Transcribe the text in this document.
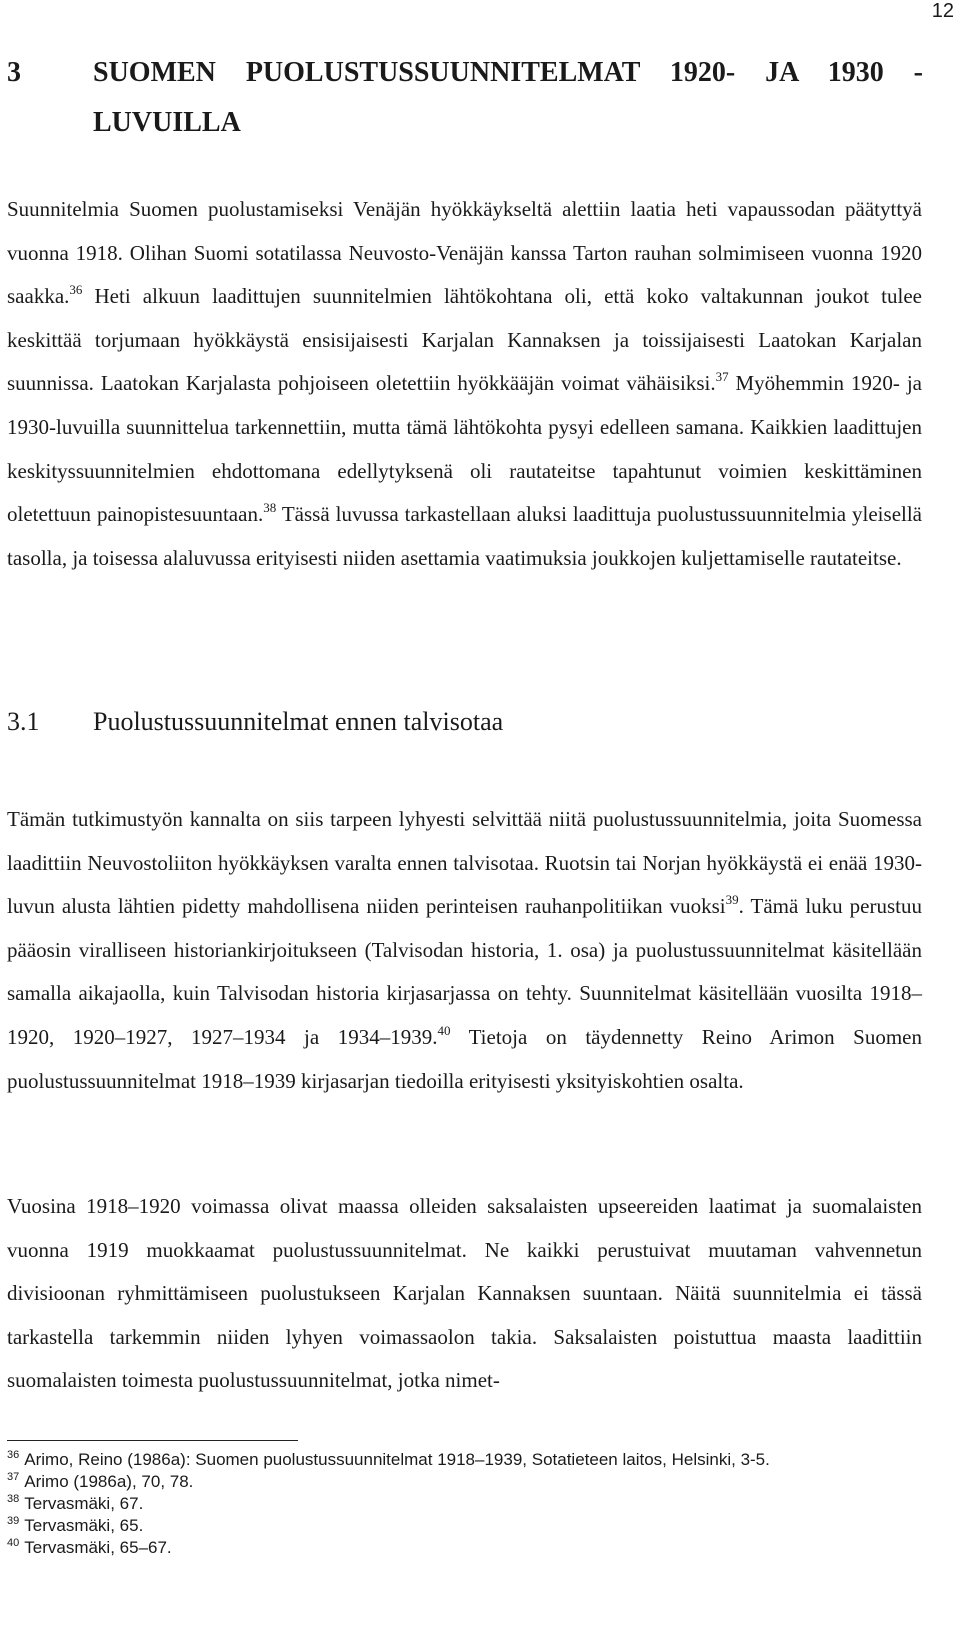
12
3	SUOMEN PUOLUSTUSSUUNNITELMAT 1920- JA 1930 -
LUVUILLA

Suunnitelmia Suomen puolustamiseksi Venäjän hyökkäykseltä alettiin laatia heti vapaussodan päätyttyä vuonna 1918. Olihan Suomi sotatilassa Neuvosto-Venäjän kanssa Tarton rauhan solmimiseen vuonna 1920 saakka.$^{36}$ Heti alkuun laadittujen suunnitelmien lähtökohtana oli, että koko valtakunnan joukot tulee keskittää torjumaan hyökkäystä ensisijaisesti Karjalan Kannaksen ja toissijaisesti Laatokan Karjalan suunnissa. Laatokan Karjalasta pohjoiseen oletettiin hyökkääjän voimat vähäisiksi.$^{37}$ Myöhemmin 1920- ja 1930-luvuilla suunnittelua tarkennettiin, mutta tämä lähtökohta pysyi edelleen samana. Kaikkien laadittujen keskityssuunnitelmien ehdottomana edellytyksenä oli rautateitse tapahtunut voimien keskittäminen oletettuun painopistesuuntaan.$^{38}$ Tässä luvussa tarkastellaan aluksi laadittuja puolustussuunnitelmia yleisellä tasolla, ja toisessa alaluvussa erityisesti niiden asettamia vaatimuksia joukkojen kuljettamiselle rautateitse.

3.1 Puolustussuunnitelmat ennen talvisotaa

Tämän tutkimustyön kannalta on siis tarpeen lyhyesti selvittää niitä puolustussuunnitelmia, joita Suomessa laadittiin Neuvostoliiton hyökkäyksen varalta ennen talvisotaa. Ruotsin tai Norjan hyökkäystä ei enää 1930-luvun alusta lähtien pidetty mahdollisena niiden perinteisen rauhanpolitiikan vuoksi$^{39}$. Tämä luku perustuu pääosin viralliseen historiankirjoitukseen (Talvisodan historia, 1. osa) ja puolustussuunnitelmat käsitellään samalla aikajaolla, kuin Talvisodan historia kirjasarjassa on tehty. Suunnitelmat käsitellään vuosilta 1918–1920, 1920–1927, 1927–1934 ja 1934–1939.40 Tietoja on täydennetty Reino Arimon Suomen puolustussuunnitelmat 1918–1939 kirjasarjan tiedoilla erityisesti yksityiskohtien osalta.

Vuosina 1918–1920 voimassa olivat maassa olleiden saksalaisten upseereiden laatimat ja suomalaisten vuonna 1919 muokkaamat puolustussuunnitelmat. Ne kaikki perustuivat muutaman vahvennetun divisioonan ryhmittämiseen puolustukseen Karjalan Kannaksen suuntaan. Näitä suunnitelmia ei tässä tarkastella tarkemmin niiden lyhyen voimassaolon takia. Saksalaisten poistuttua maasta laadittiin suomalaisten toimesta puolustussuunnitelmat, jotka nimet-

$^{36}$ Arimo, Reino (1986a): Suomen puolustussuunnitelmat 1918–1939, Sotatieteen laitos, Helsinki, 3-5.
$^{37}$ Arimo (1986a), 70, 78.
$^{38}$ Tervasmäki, 67.
$^{39}$ Tervasmäki, 65.
$^{40}$ Tervasmäki, 65–67.
